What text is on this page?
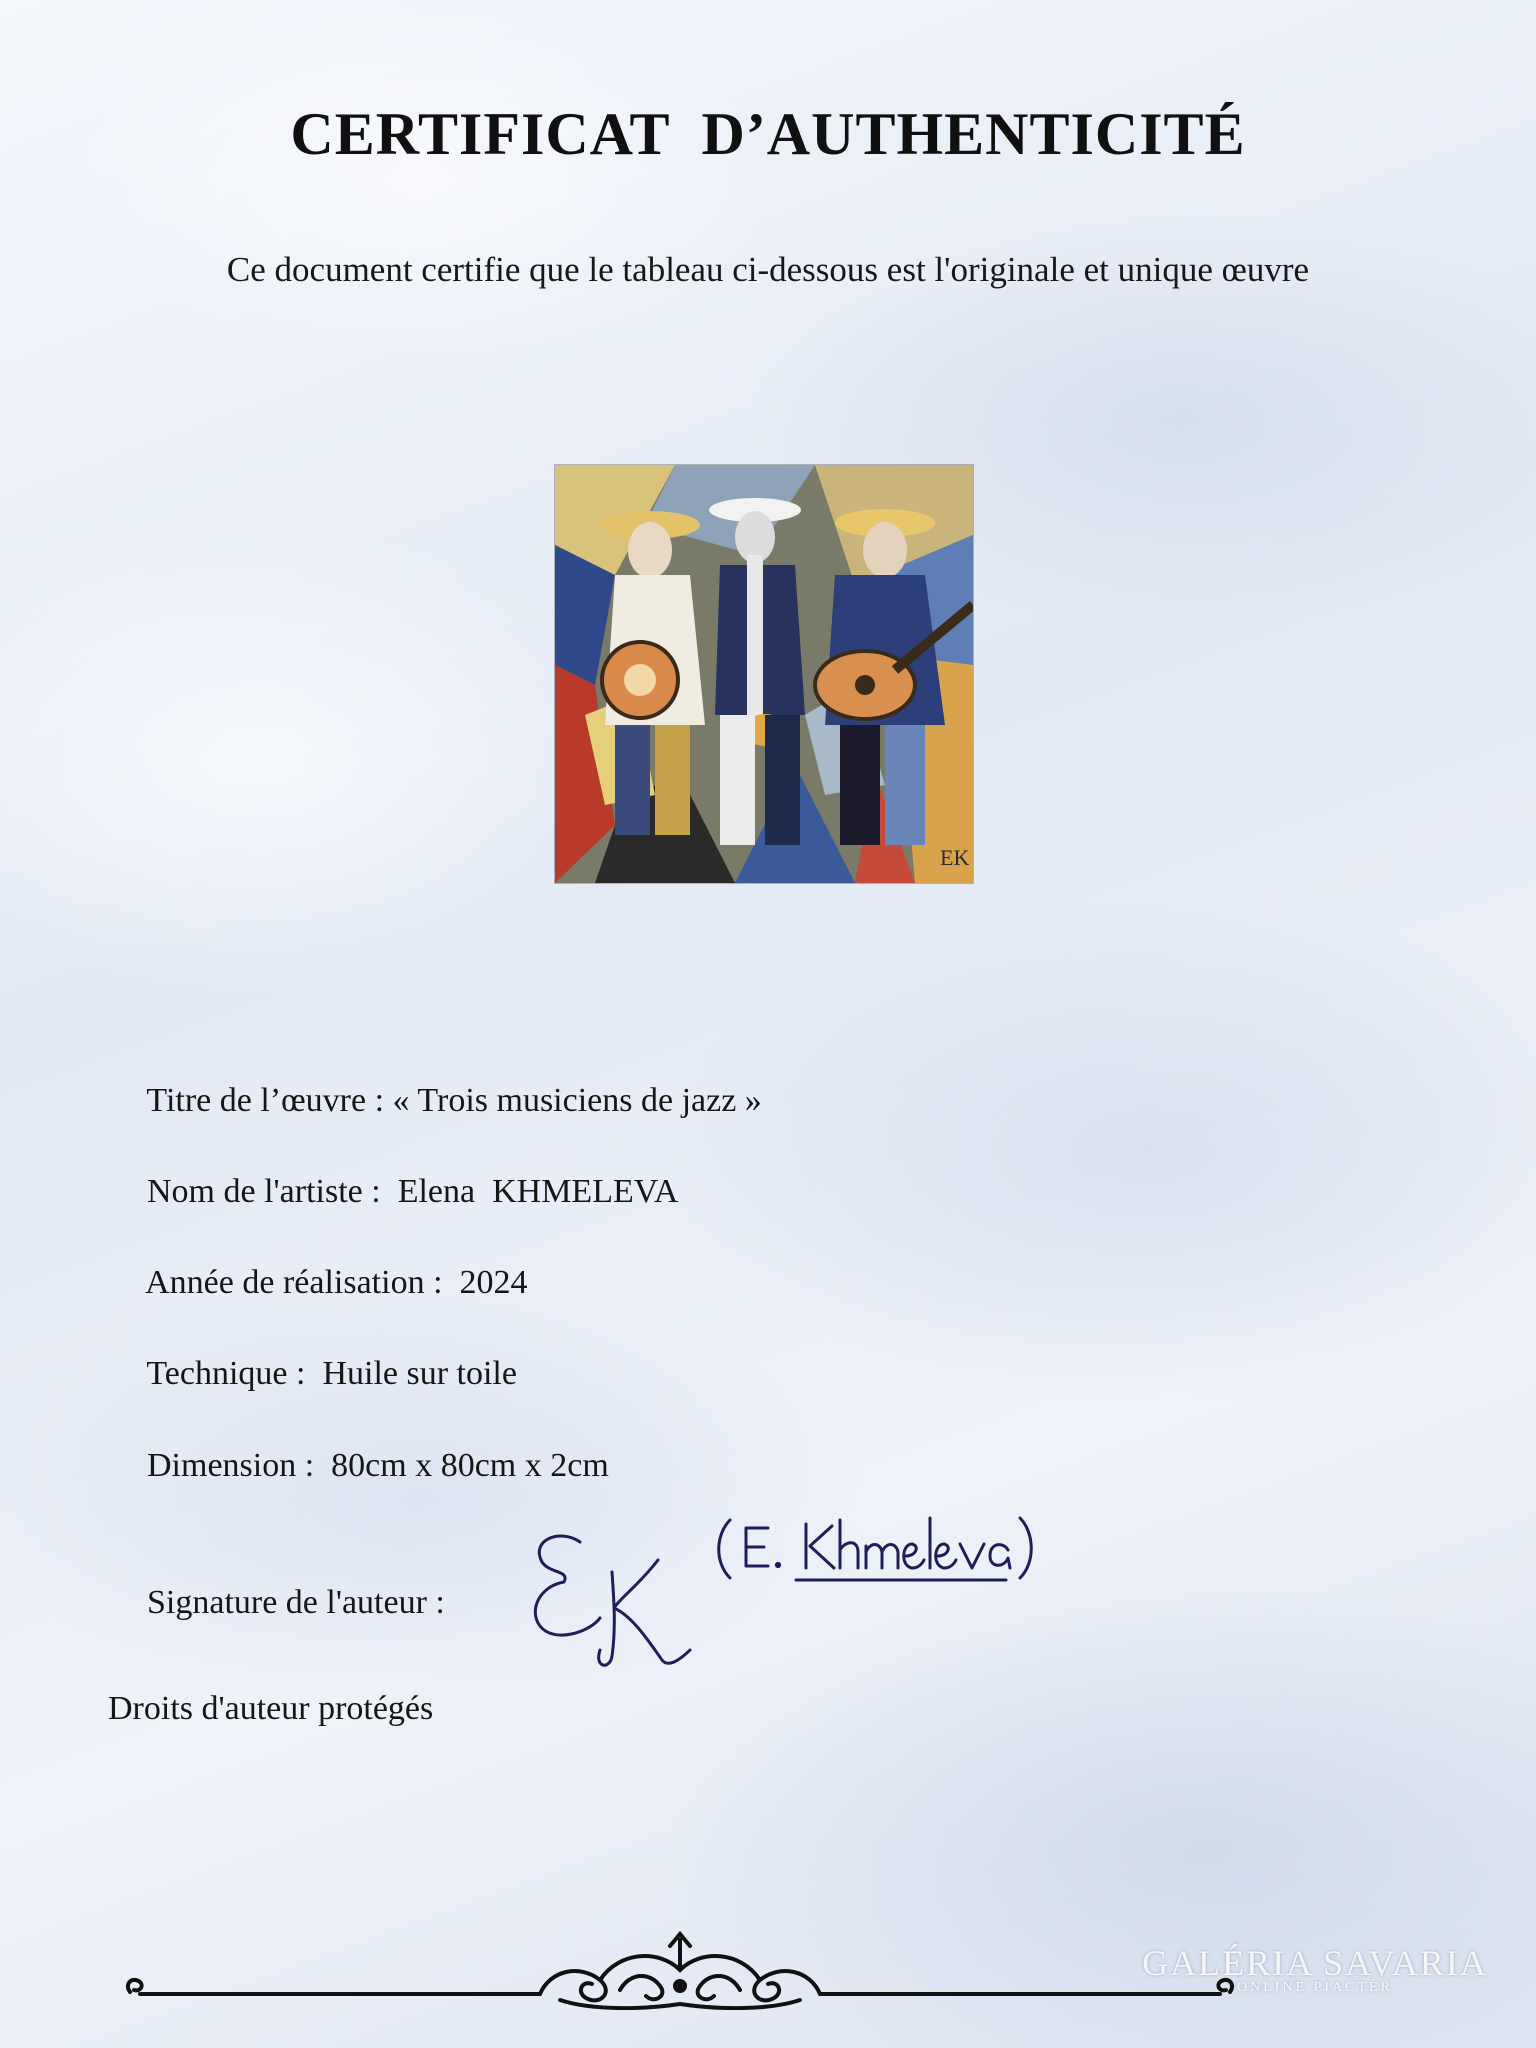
CERTIFICAT  D’AUTHENTICITÉ
Ce document certifie que le tableau ci-dessous est l'originale et unique œuvre
EK

Titre de l’œuvre : « Trois musiciens de jazz »

Nom de l'artiste :  Elena  KHMELEVA

Année de réalisation :  2024

Technique :  Huile sur toile

Dimension :  80cm x 80cm x 2cm

Signature de l'auteur :

Droits d'auteur protégés
GALÉRIA SAVARIA
ONLINE PIACTÉR
